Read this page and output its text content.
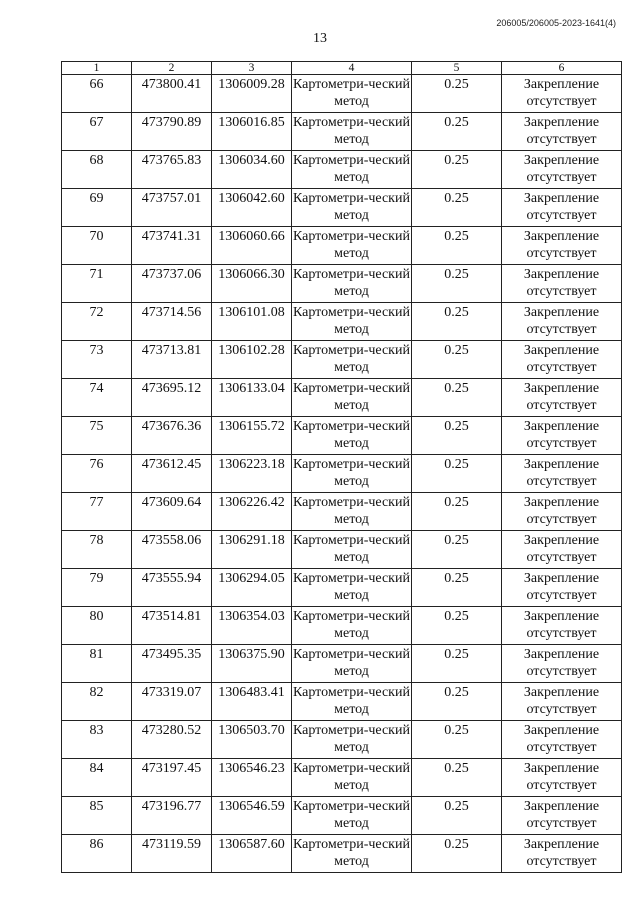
206005/206005-2023-1641(4)
13
1	2	3	4	5	6
66	473800.41	1306009.28	Картометри-ческий метод	0.25	Закрепление отсутствует
67	473790.89	1306016.85	Картометри-ческий метод	0.25	Закрепление отсутствует
68	473765.83	1306034.60	Картометри-ческий метод	0.25	Закрепление отсутствует
69	473757.01	1306042.60	Картометри-ческий метод	0.25	Закрепление отсутствует
70	473741.31	1306060.66	Картометри-ческий метод	0.25	Закрепление отсутствует
71	473737.06	1306066.30	Картометри-ческий метод	0.25	Закрепление отсутствует
72	473714.56	1306101.08	Картометри-ческий метод	0.25	Закрепление отсутствует
73	473713.81	1306102.28	Картометри-ческий метод	0.25	Закрепление отсутствует
74	473695.12	1306133.04	Картометри-ческий метод	0.25	Закрепление отсутствует
75	473676.36	1306155.72	Картометри-ческий метод	0.25	Закрепление отсутствует
76	473612.45	1306223.18	Картометри-ческий метод	0.25	Закрепление отсутствует
77	473609.64	1306226.42	Картометри-ческий метод	0.25	Закрепление отсутствует
78	473558.06	1306291.18	Картометри-ческий метод	0.25	Закрепление отсутствует
79	473555.94	1306294.05	Картометри-ческий метод	0.25	Закрепление отсутствует
80	473514.81	1306354.03	Картометри-ческий метод	0.25	Закрепление отсутствует
81	473495.35	1306375.90	Картометри-ческий метод	0.25	Закрепление отсутствует
82	473319.07	1306483.41	Картометри-ческий метод	0.25	Закрепление отсутствует
83	473280.52	1306503.70	Картометри-ческий метод	0.25	Закрепление отсутствует
84	473197.45	1306546.23	Картометри-ческий метод	0.25	Закрепление отсутствует
85	473196.77	1306546.59	Картометри-ческий метод	0.25	Закрепление отсутствует
86	473119.59	1306587.60	Картометри-ческий метод	0.25	Закрепление отсутствует
